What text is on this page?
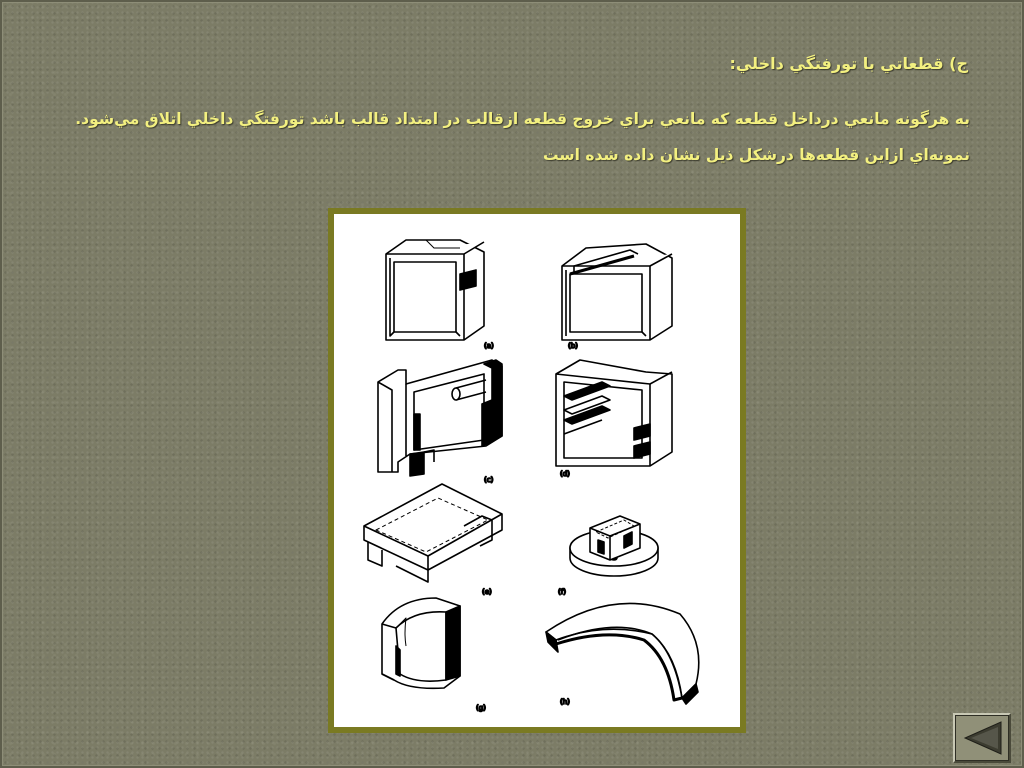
ج) قطعاتي با تورفتگي داخلي:

به هرگونه مانعي درداخل قطعه كه مانعي براي خروج قطعه ازقالب در امتداد قالب باشد تورفتگي داخلي اتلاق مي‌شود. نمونه‌اي ازاين قطعه‌ها درشكل ذيل نشان داده شده است

(a)	(b)
(c)
(d)
(e)	(f)
(g)
(h)
